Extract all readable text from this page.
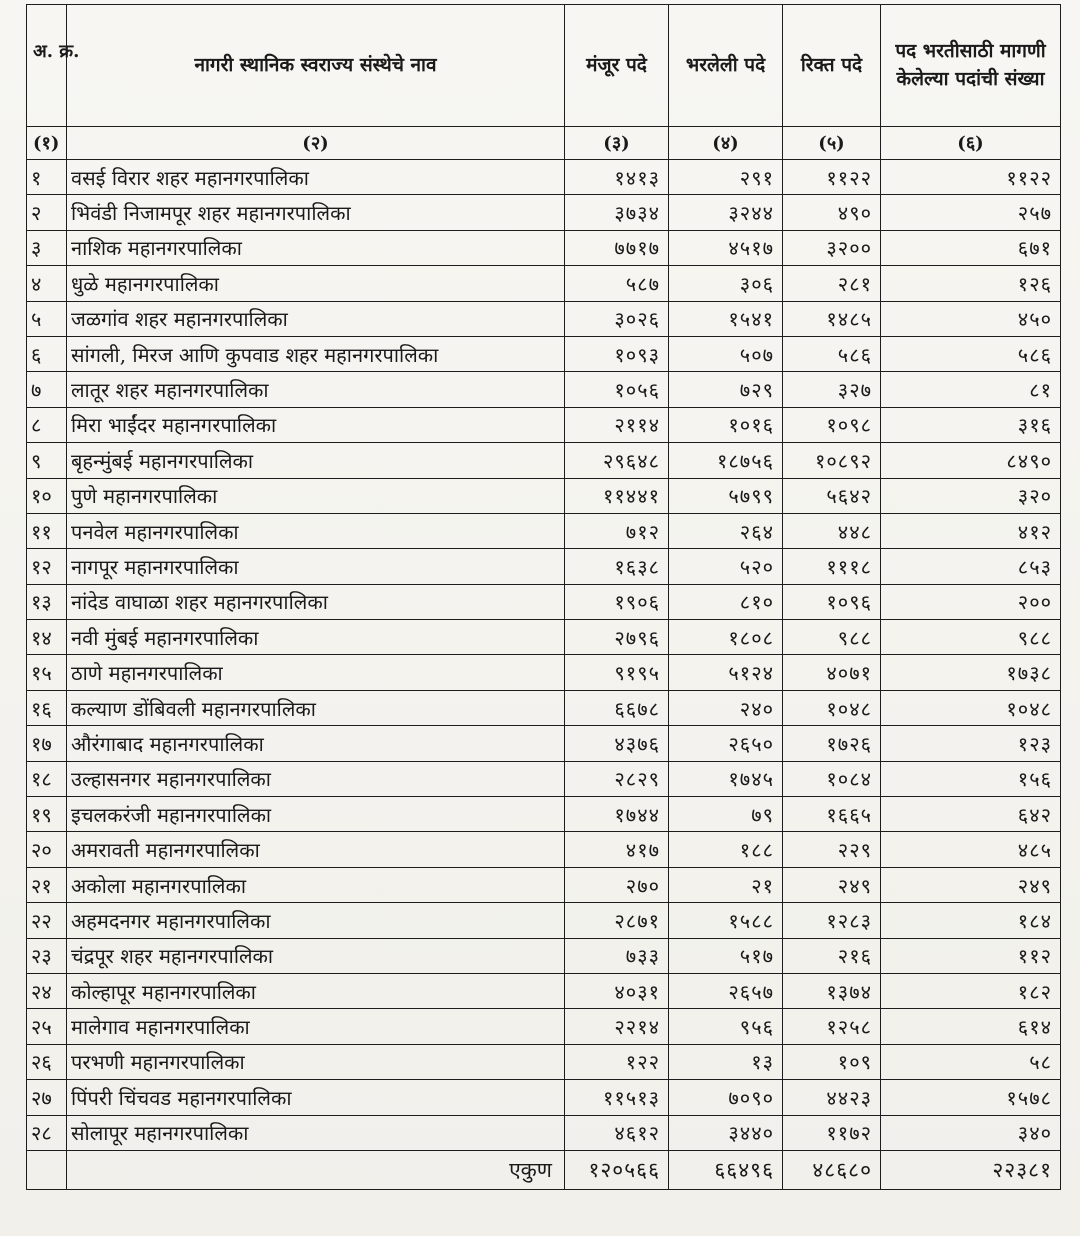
अ. क्र.	नागरी स्थानिक स्वराज्य संस्थेचे नाव	मंजूर पदे	भरलेली पदे	रिक्त पदे	पद भरतीसाठी मागणी केलेल्या पदांची संख्या
(१)	(२)	(३)	(४)	(५)	(६)
१	वसई विरार शहर महानगरपालिका	१४१३	२९१	११२२	११२२
२	भिवंडी निजामपूर शहर महानगरपालिका	३७३४	३२४४	४९०	२५७
३	नाशिक महानगरपालिका	७७१७	४५१७	३२००	६७१
४	धुळे महानगरपालिका	५८७	३०६	२८१	१२६
५	जळगांव शहर महानगरपालिका	३०२६	१५४१	१४८५	४५०
६	सांगली, मिरज आणि कुपवाड शहर महानगरपालिका	१०९३	५०७	५८६	५८६
७	लातूर शहर महानगरपालिका	१०५६	७२९	३२७	८१
८	मिरा भाईंदर महानगरपालिका	२११४	१०१६	१०९८	३१६
९	बृहन्मुंबई महानगरपालिका	२९६४८	१८७५६	१०८९२	८४९०
१०	पुणे महानगरपालिका	११४४१	५७९९	५६४२	३२०
११	पनवेल महानगरपालिका	७१२	२६४	४४८	४१२
१२	नागपूर महानगरपालिका	१६३८	५२०	१११८	८५३
१३	नांदेड वाघाळा शहर महानगरपालिका	१९०६	८१०	१०९६	२००
१४	नवी मुंबई महानगरपालिका	२७९६	१८०८	९८८	९८८
१५	ठाणे महानगरपालिका	९१९५	५१२४	४०७१	१७३८
१६	कल्याण डोंबिवली महानगरपालिका	६६७८	२४०	१०४८	१०४८
१७	औरंगाबाद महानगरपालिका	४३७६	२६५०	१७२६	१२३
१८	उल्हासनगर महानगरपालिका	२८२९	१७४५	१०८४	१५६
१९	इचलकरंजी महानगरपालिका	१७४४	७९	१६६५	६४२
२०	अमरावती महानगरपालिका	४१७	१८८	२२९	४८५
२१	अकोला महानगरपालिका	२७०	२१	२४९	२४९
२२	अहमदनगर महानगरपालिका	२८७१	१५८८	१२८३	१८४
२३	चंद्रपूर शहर महानगरपालिका	७३३	५१७	२१६	११२
२४	कोल्हापूर महानगरपालिका	४०३१	२६५७	१३७४	१८२
२५	मालेगाव महानगरपालिका	२२१४	९५६	१२५८	६१४
२६	परभणी महानगरपालिका	१२२	१३	१०९	५८
२७	पिंपरी चिंचवड महानगरपालिका	११५१३	७०९०	४४२३	१५७८
२८	सोलापूर महानगरपालिका	४६१२	३४४०	११७२	३४०
	एकुण	१२०५६६	६६४९६	४८६८०	२२३८१
